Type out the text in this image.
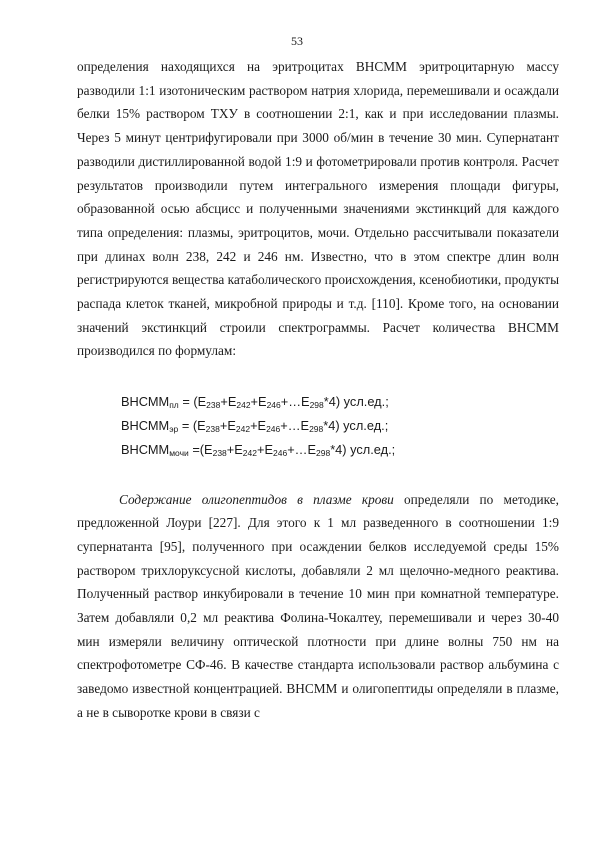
53

определения находящихся на эритроцитах ВНСММ эритроцитарную массу разводили 1:1 изотоническим раствором натрия хлорида, перемешивали и осаждали белки 15% раствором ТХУ в соотношении 2:1, как и при исследовании плазмы. Через 5 минут центрифугировали при 3000 об/мин в течение 30 мин. Супернатант разводили дистиллированной водой 1:9 и фотометрировали против контроля. Расчет результатов производили путем интегрального измерения площади фигуры, образованной осью абсцисс и полученными значениями экстинкций для каждого типа определения: плазмы, эритроцитов, мочи. Отдельно рассчитывали показатели при длинах волн 238, 242 и 246 нм. Известно, что в этом спектре длин волн регистрируются вещества катаболического происхождения, ксенобиотики, продукты распада клеток тканей, микробной природы и т.д. [110]. Кроме того, на основании значений экстинкций строили спектрограммы. Расчет количества ВНСММ производился по формулам:

$ВНСММ_{пл}$ = $(E_{238}+E_{242}+E_{246}+\dots E_{298}*4)$ усл.ед.;
$ВНСММ_{эр}$ = $(E_{238}+E_{242}+E_{246}+\dots E_{298}*4)$ усл.ед.;
$ВНСММ_{мочи}$ $=(E_{238}+E_{242}+E_{246}+\dots E_{298}*4)$ усл.ед.;

Содержание олигопептидов в плазме крови определяли по методике, предложенной Лоури [227]. Для этого к 1 мл разведенного в соотношении 1:9 супернатанта [95], полученного при осаждении белков исследуемой среды 15% раствором трихлоруксусной кислоты, добавляли 2 мл щелочно-медного реактива. Полученный раствор инкубировали в течение 10 мин при комнатной температуре. Затем добавляли 0,2 мл реактива Фолина-Чокалтеу, перемешивали и через 30-40 мин измеряли величину оптической плотности при длине волны 750 нм на спектрофотометре СФ-46. В качестве стандарта использовали раствор альбумина с заведомо известной концентрацией. ВНСММ и олигопептиды определяли в плазме, а не в сыворотке крови в связи с
